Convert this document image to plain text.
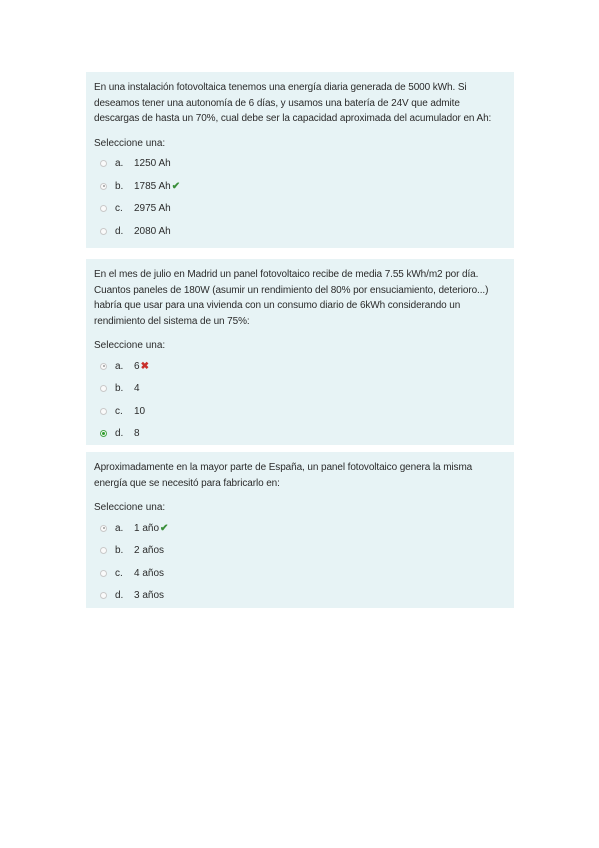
En una instalación fotovoltaica tenemos una energía diaria generada de 5000 kWh. Si deseamos tener una autonomía de 6 días, y usamos una batería de 24V que admite descargas de hasta un 70%, cual debe ser la capacidad aproximada del acumulador en Ah:

Seleccione una:
a.	1250 Ah
b.	1785 Ah ✔
c.	2975 Ah
d.	2080 Ah

En el mes de julio en Madrid un panel fotovoltaico recibe de media 7.55 kWh/m2 por día. Cuantos paneles de 180W (asumir un rendimiento del 80% por ensuciamiento, deterioro...) habría que usar para una vivienda con un consumo diario de 6kWh considerando un rendimiento del sistema de un 75%:

Seleccione una:
a.	6 ✖
b.	4
c.	10
d.	8

Aproximadamente en la mayor parte de España, un panel fotovoltaico genera la misma energía que se necesitó para fabricarlo en:

Seleccione una:
a.	1 año ✔
b.	2 años
c.	4 años
d.	3 años
